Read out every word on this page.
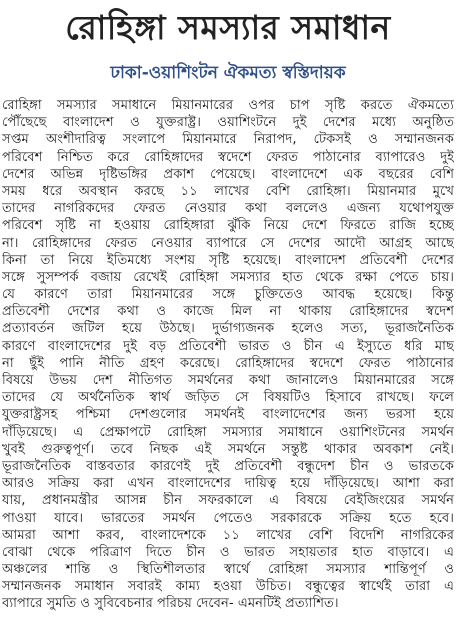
রোহিঙ্গা সমস্যার সমাধান
ঢাকা-ওয়াশিংটন ঐকমত্য স্বস্তিদায়ক
রোহিঙ্গা সমস্যার সমাধানে মিয়ানমারের ওপর চাপ সৃষ্টি করতে ঐকমত্যে
পৌঁছেছে বাংলাদেশ ও যুক্তরাষ্ট্র। ওয়াশিংটনে দুই দেশের মধ্যে অনুষ্ঠিত
সপ্তম অংশীদারিত্ব সংলাপে মিয়ানমারে নিরাপদ, টেকসই ও সম্মানজনক
পরিবেশ নিশ্চিত করে রোহিঙ্গাদের স্বদেশে ফেরত পাঠানোর ব্যাপারেও দুই
দেশের অভিন্ন দৃষ্টিভঙ্গির প্রকাশ পেয়েছে। বাংলাদেশে এক বছরের বেশি
সময় ধরে অবস্থান করছে ১১ লাখের বেশি রোহিঙ্গা। মিয়ানমার মুখে
তাদের নাগরিকদের ফেরত নেওয়ার কথা বললেও এজন্য যথোপযুক্ত
পরিবেশ সৃষ্টি না হওয়ায় রোহিঙ্গারা ঝুঁকি নিয়ে দেশে ফিরতে রাজি হচ্ছে
না। রোহিঙ্গাদের ফেরত নেওয়ার ব্যাপারে সে দেশের আদৌ আগ্রহ আছে
কিনা তা নিয়ে ইতিমধ্যে সংশয় সৃষ্টি হয়েছে। বাংলাদেশ প্রতিবেশী দেশের
সঙ্গে সুসম্পর্ক বজায় রেখেই রোহিঙ্গা সমস্যার হাত থেকে রক্ষা পেতে চায়।
যে কারণে তারা মিয়ানমারের সঙ্গে চুক্তিতেও আবদ্ধ হয়েছে। কিন্তু
প্রতিবেশী দেশের কথা ও কাজে মিল না থাকায় রোহিঙ্গাদের স্বদেশ
প্রত্যাবর্তন জটিল হয়ে উঠছে। দুর্ভাগ্যজনক হলেও সত্য, ভূরাজনৈতিক
কারণে বাংলাদেশের দুই বড় প্রতিবেশী ভারত ও চীন এ ইস্যুতে ধরি মাছ
না ছুঁই পানি নীতি গ্রহণ করেছে। রোহিঙ্গাদের স্বদেশে ফেরত পাঠানোর
বিষয়ে উভয় দেশ নীতিগত সমর্থনের কথা জানালেও মিয়ানমারের সঙ্গে
তাদের যে অর্থনৈতিক স্বার্থ জড়িত সে বিষয়টিও হিসাবে রাখছে। ফলে
যুক্তরাষ্ট্রসহ পশ্চিমা দেশগুলোর সমর্থনই বাংলাদেশের জন্য ভরসা হয়ে
দাঁড়িয়েছে। এ প্রেক্ষাপটে রোহিঙ্গা সমস্যার সমাধানে ওয়াশিংটনের সমর্থন
খুবই গুরুত্বপূর্ণ। তবে নিছক এই সমর্থনে সন্তুষ্ট থাকার অবকাশ নেই।
ভূরাজনৈতিক বাস্তবতার কারণেই দুই প্রতিবেশী বন্ধুদেশ চীন ও ভারতকে
আরও সক্রিয় করা এখন বাংলাদেশের দায়িত্ব হয়ে দাঁড়িয়েছে। আশা করা
যায়, প্রধানমন্ত্রীর আসন্ন চীন সফরকালে এ বিষয়ে বেইজিংয়ের সমর্থন
পাওয়া যাবে। ভারতের সমর্থন পেতেও সরকারকে সক্রিয় হতে হবে।
আমরা আশা করব, বাংলাদেশকে ১১ লাখের বেশি বিদেশি নাগরিকের
বোঝা থেকে পরিত্রাণ দিতে চীন ও ভারত সহায়তার হাত বাড়াবে। এ
অঞ্চলের শান্তি ও স্থিতিশীলতার স্বার্থে রোহিঙ্গা সমস্যার শান্তিপূর্ণ ও
সম্মানজনক সমাধান সবারই কাম্য হওয়া উচিত। বন্ধুত্বের স্বার্থেই তারা এ
ব্যাপারে সুমতি ও সুবিবেচনার পরিচয় দেবেন- এমনটিই প্রত্যাশিত।
